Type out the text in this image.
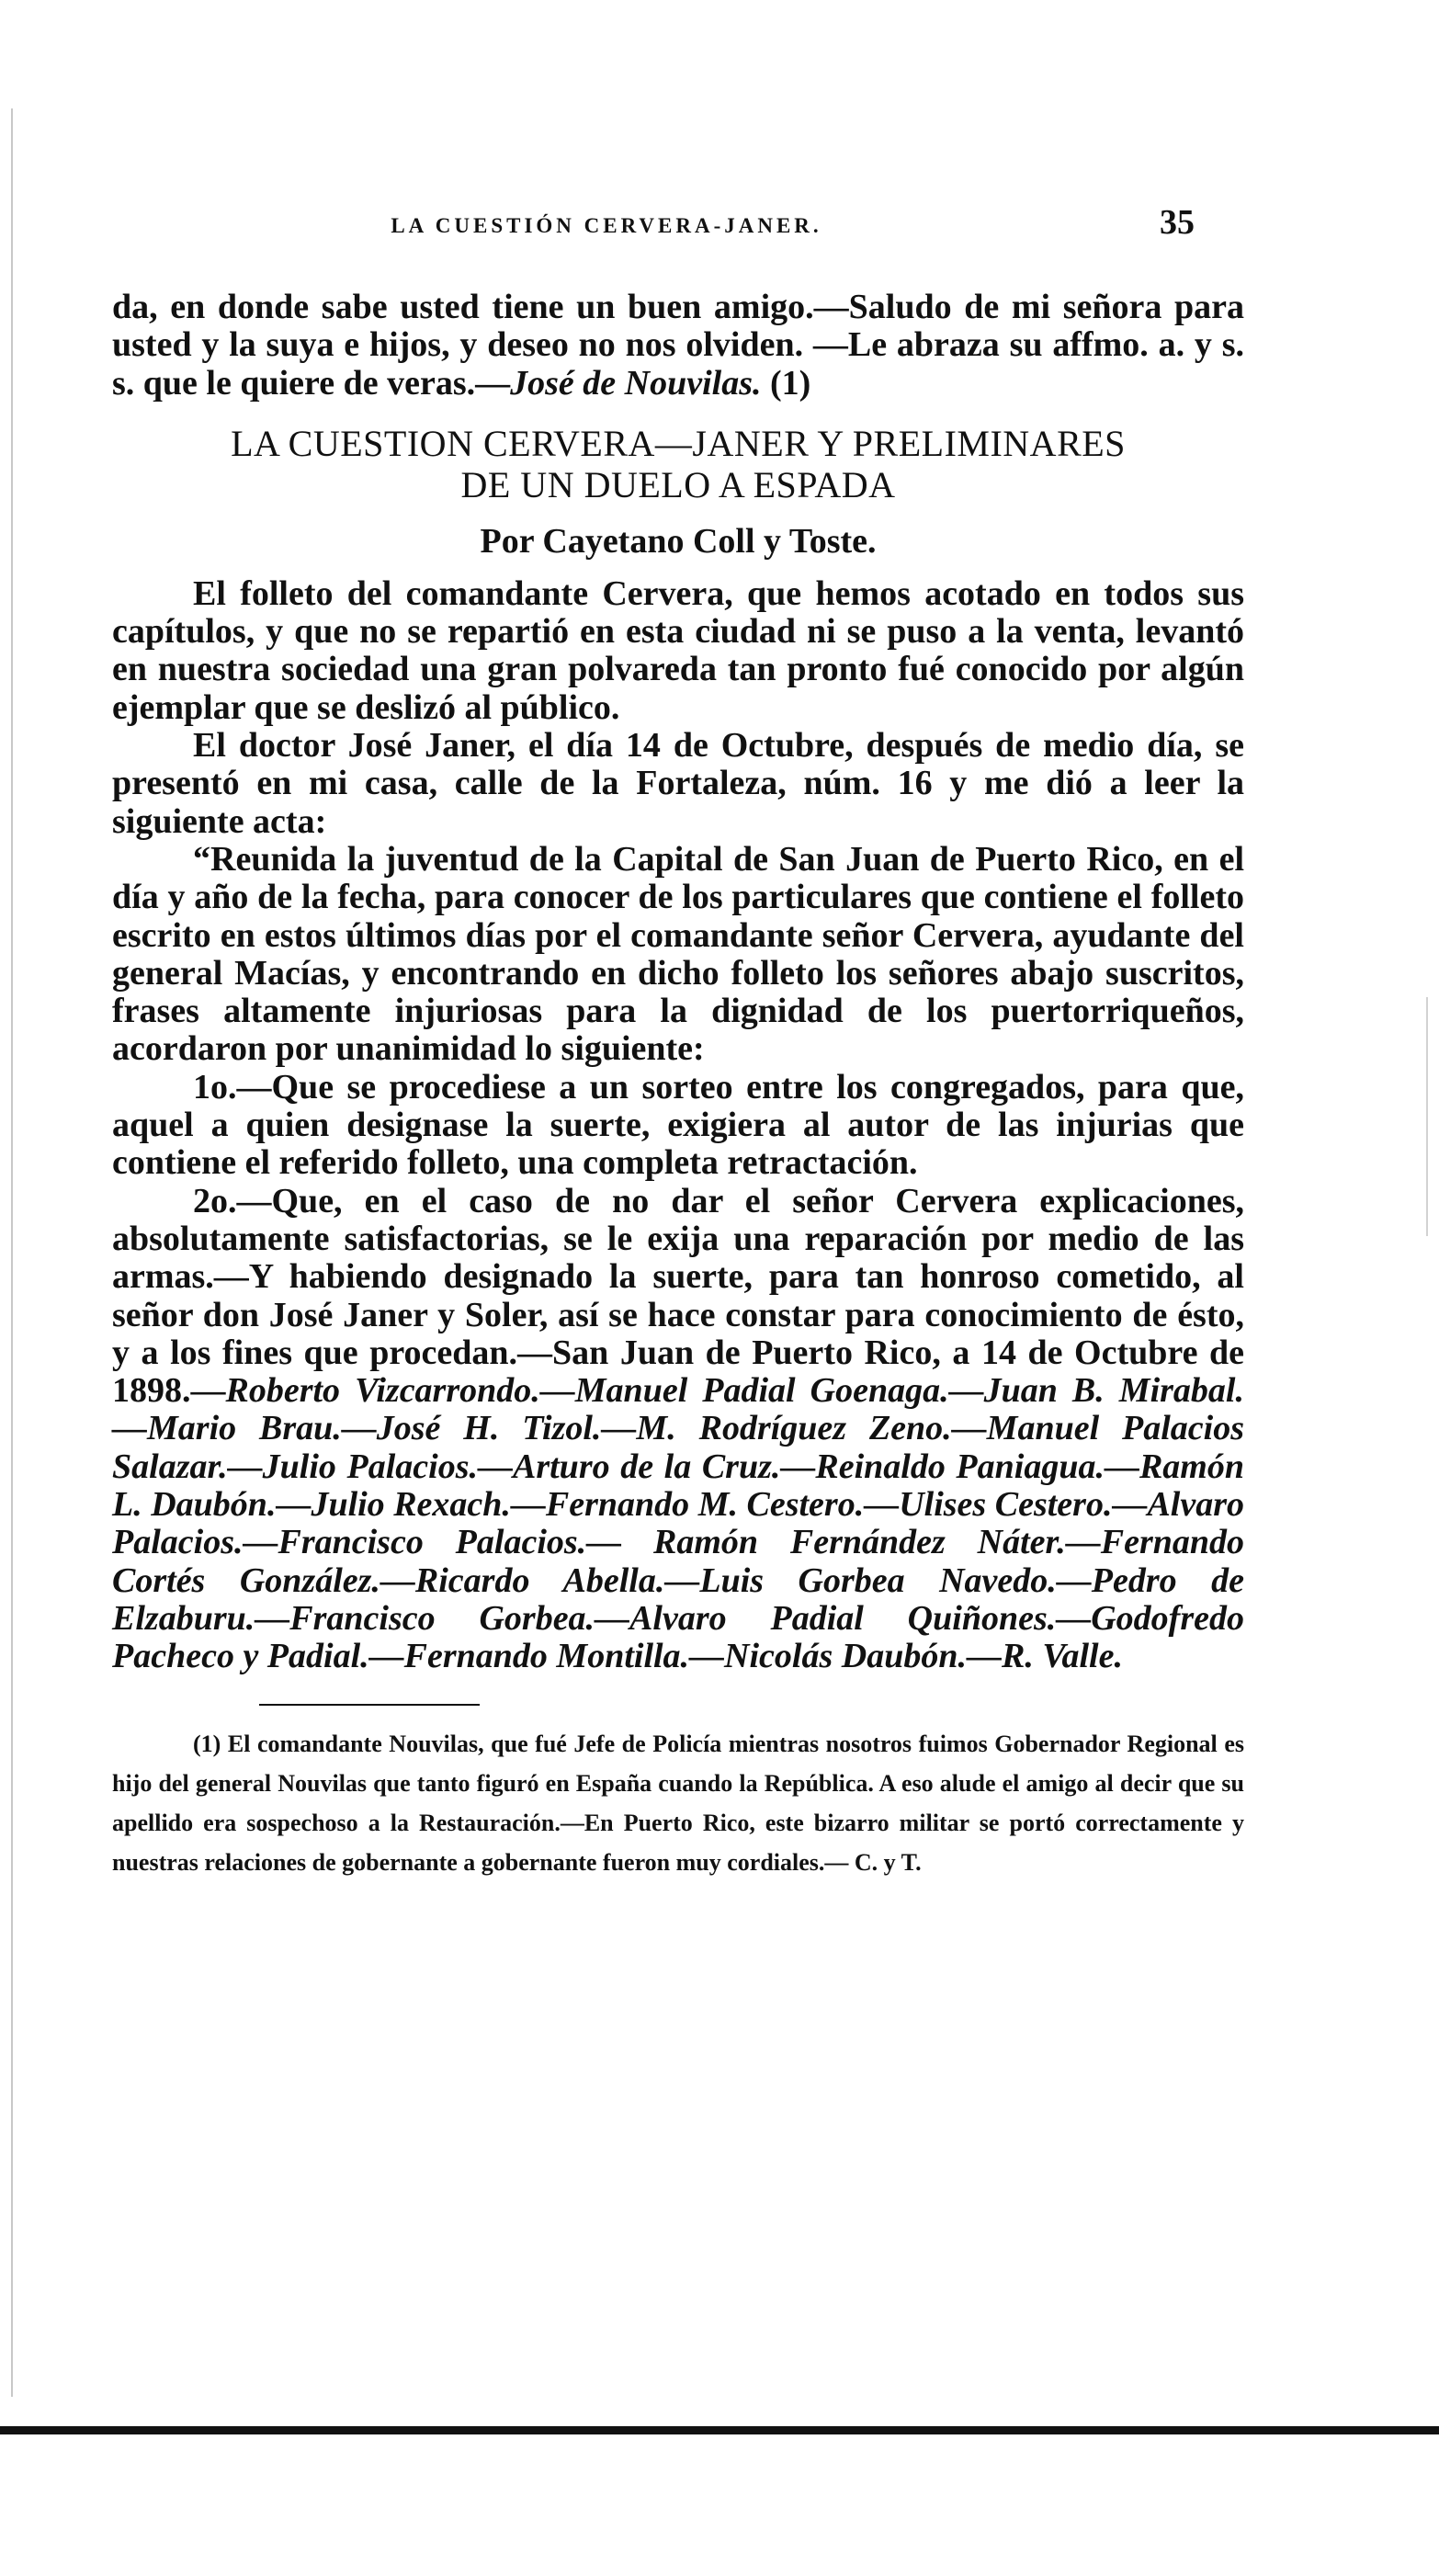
LA CUESTIÓN CERVERA-JANER.	35

da, en donde sabe usted tiene un buen amigo.—Saludo de mi señora para usted y la suya e hijos, y deseo no nos olviden. —Le abraza su affmo. a. y s. s. que le quiere de veras.—José de Nouvilas. (1)

LA CUESTION CERVERA—JANER Y PRELIMINARES
DE UN DUELO A ESPADA
Por Cayetano Coll y Toste.

El folleto del comandante Cervera, que hemos acotado en todos sus capítulos, y que no se repartió en esta ciudad ni se puso a la venta, levantó en nuestra sociedad una gran polvareda tan pronto fué conocido por algún ejemplar que se deslizó al público.

El doctor José Janer, el día 14 de Octubre, después de medio día, se presentó en mi casa, calle de la Fortaleza, núm. 16 y me dió a leer la siguiente acta:

“Reunida la juventud de la Capital de San Juan de Puerto Rico, en el día y año de la fecha, para conocer de los particulares que contiene el folleto escrito en estos últimos días por el comandante señor Cervera, ayudante del general Macías, y encontrando en dicho folleto los señores abajo suscritos, frases altamente injuriosas para la dignidad de los puertorriqueños, acordaron por unanimidad lo siguiente:

1o.—Que se procediese a un sorteo entre los congregados, para que, aquel a quien designase la suerte, exigiera al autor de las injurias que contiene el referido folleto, una completa retractación.

2o.—Que, en el caso de no dar el señor Cervera explicaciones, absolutamente satisfactorias, se le exija una reparación por medio de las armas.—Y habiendo designado la suerte, para tan honroso cometido, al señor don José Janer y Soler, así se hace constar para conocimiento de ésto, y a los fines que procedan.—San Juan de Puerto Rico, a 14 de Octubre de 1898.—Roberto Vizcarrondo.—Manuel Padial Goenaga.—Juan B. Mirabal.—Mario Brau.—José H. Tizol.—M. Rodríguez Zeno.—Manuel Palacios Salazar.—Julio Palacios.—Arturo de la Cruz.—Reinaldo Paniagua.—Ramón L. Daubón.—Julio Rexach.—Fernando M. Cestero.—Ulises Cestero.—Alvaro Palacios.—Francisco Palacios.— Ramón Fernández Náter.—Fernando Cortés González.—Ricardo Abella.—Luis Gorbea Navedo.—Pedro de Elzaburu.—Francisco Gorbea.—Alvaro Padial Quiñones.—Godofredo Pacheco y Padial.—Fernando Montilla.—Nicolás Daubón.—R. Valle.

(1) El comandante Nouvilas, que fué Jefe de Policía mientras nosotros fuimos Gobernador Regional es hijo del general Nouvilas que tanto figuró en España cuando la República. A eso alude el amigo al decir que su apellido era sospechoso a la Restauración.—En Puerto Rico, este bizarro militar se portó correctamente y nuestras relaciones de gobernante a gobernante fueron muy cordiales.— C. y T.
